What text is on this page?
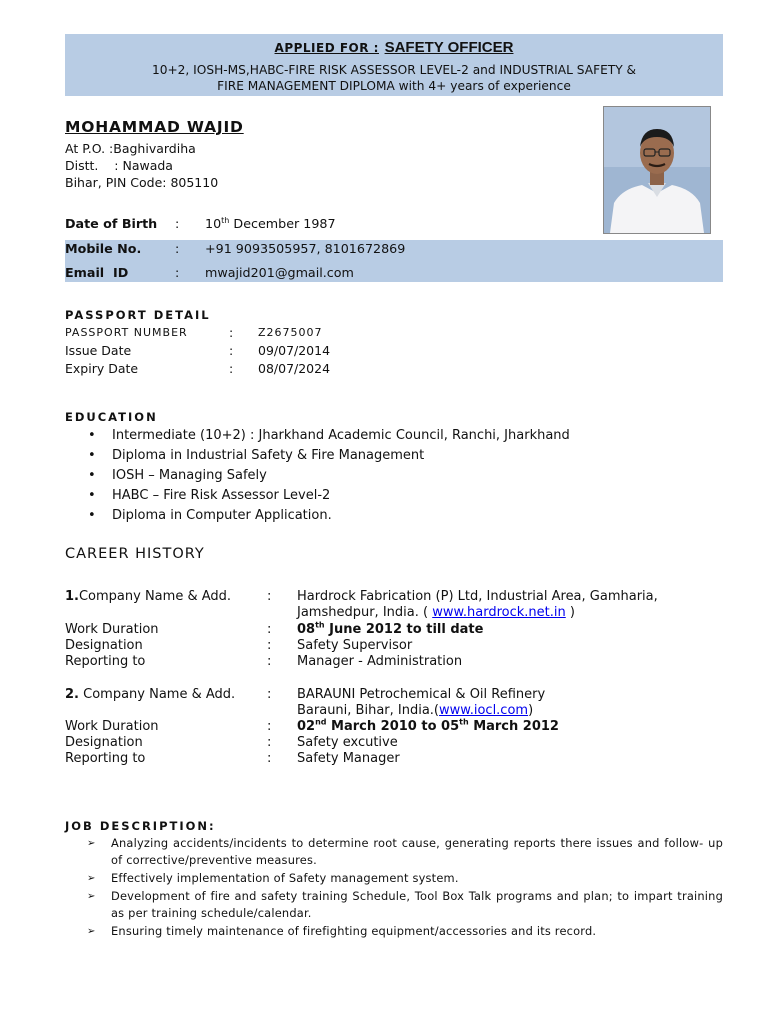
APPLIED FOR : SAFETY OFFICER
10+2, IOSH-MS,HABC-FIRE RISK ASSESSOR LEVEL-2 and INDUSTRIAL SAFETY &
FIRE MANAGEMENT DIPLOMA with 4+ years of experience
MOHAMMAD WAJID
At P.O. :Baghivardiha
Distt.    : Nawada
Bihar, PIN Code: 805110
Date of Birth : 10th December 1987
Mobile No.	: +91 9093505957, 8101672869
Email  ID	: mwajid201@gmail.com
PASSPORT DETAIL
PASSPORT NUMBER	: Z2675007
Issue Date	: 09/07/2014
Expiry Date	: 08/07/2024
EDUCATION
• Intermediate (10+2) : Jharkhand Academic Council, Ranchi, Jharkhand
• Diploma in Industrial Safety & Fire Management
• IOSH – Managing Safely
• HABC – Fire Risk Assessor Level-2
• Diploma in Computer Application.
CAREER HISTORY
1.Company Name & Add.	: Hardrock Fabrication (P) Ltd, Industrial Area, Gamharia,
Jamshedpur, India. ( www.hardrock.net.in )
Work Duration	: 08th June 2012 to till date
Designation	: Safety Supervisor
Reporting to	: Manager - Administration
2. Company Name & Add. : BARAUNI Petrochemical & Oil Refinery
Barauni, Bihar, India.(www.iocl.com)
Work Duration	: 02nd March 2010 to 05th March 2012
Designation	: Safety excutive
Reporting to	: Safety Manager
JOB DESCRIPTION:
➢ Analyzing accidents/incidents to determine root cause, generating reports there issues and follow- up of corrective/preventive measures.
➢ Effectively implementation of Safety management system.
➢ Development of fire and safety training Schedule, Tool Box Talk programs and plan; to impart training as per training schedule/calendar.
➢ Ensuring timely maintenance of firefighting equipment/accessories and its record.
